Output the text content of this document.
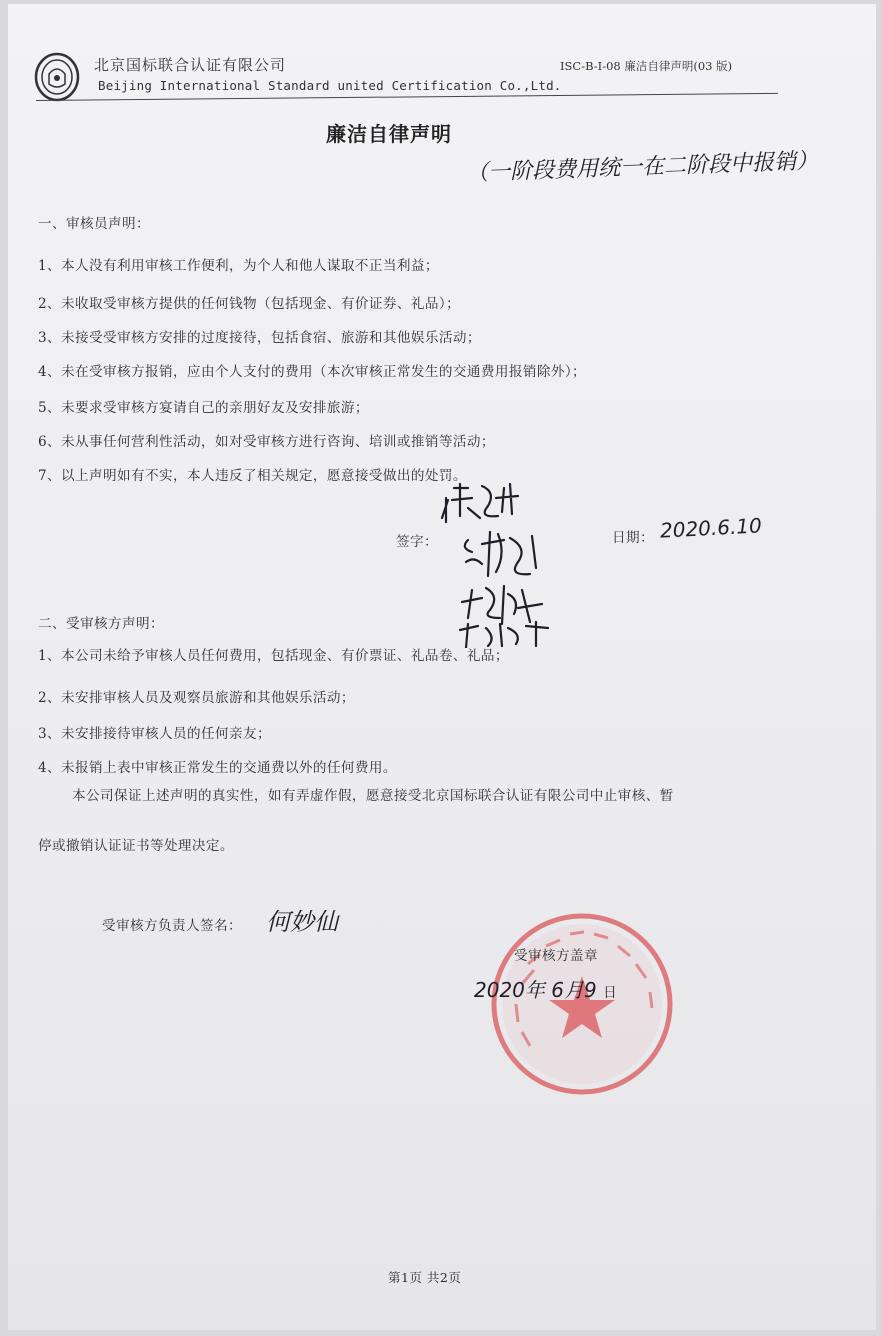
北京国标联合认证有限公司
Beijing International Standard united Certification Co.,Ltd.
ISC-B-I-08 廉洁自律声明(03 版)
廉洁自律声明
（一阶段费用统一在二阶段中报销）
一、审核员声明：
1、本人没有利用审核工作便利，为个人和他人谋取不正当利益；
2、未收取受审核方提供的任何钱物（包括现金、有价证券、礼品）；
3、未接受受审核方安排的过度接待，包括食宿、旅游和其他娱乐活动；
4、未在受审核方报销，应由个人支付的费用（本次审核正常发生的交通费用报销除外）；
5、未要求受审核方宴请自己的亲朋好友及安排旅游；
6、未从事任何营利性活动，如对受审核方进行咨询、培训或推销等活动；
7、以上声明如有不实，本人违反了相关规定，愿意接受做出的处罚。
签字：	日期： 2020.6.10
二、受审核方声明：
1、本公司未给予审核人员任何费用，包括现金、有价票证、礼品卷、礼品；
2、未安排审核人员及观察员旅游和其他娱乐活动；
3、未安排接待审核人员的任何亲友；
4、未报销上表中审核正常发生的交通费以外的任何费用。
本公司保证上述声明的真实性，如有弄虚作假，愿意接受北京国标联合认证有限公司中止审核、暂
停或撤销认证证书等处理决定。
受审核方负责人签名： 何妙仙
受审核方盖章
2020年 6月9 日
第1页 共2页
